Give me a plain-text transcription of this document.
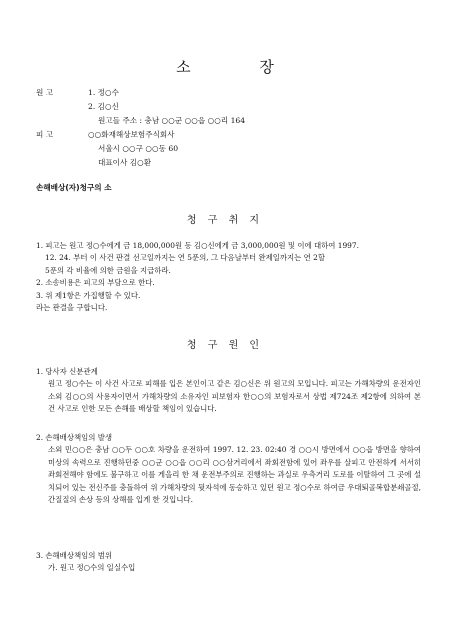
소 장
원 고	1. 정○수
2. 김○신
원고들 주소 : 충남 ○○군 ○○읍 ○○리 164
피 고	○○화재해상보험주식회사
서울시 ○○구 ○○동 60
대표이사 김○환
손해배상(자)청구의 소
청 구 취 지
1. 피고는 원고 정○수에게 금 18,000,000원 동 김○신에게 금 3,000,000원 및 이에 대하여 1997.
12. 24. 부터 이 사건 판결 선고일까지는 연 5푼의, 그 다음날부터 완제일까지는 연 2할
5푼의 각 비율에 의한 금원을 지급하라.
2. 소송비용은 피고의 부담으로 한다.
3. 위 제1항은 가집행할 수 있다.
라는 판결을 구합니다.
청 구 원 인
1. 당사자 신분관계
원고 정○수는 이 사건 사고로 피해를 입은 본인이고 같은 김○신은 위 원고의 모입니다. 피고는 가해차량의 운전자인 소외 김○○의 사용자이면서 가해차량의 소유자인 피보험자 한○○의 보험자로서 상법 제724조 제2항에 의하여 본 건 사고로 인한 모든 손해를 배상할 책임이 있습니다.
2. 손해배상책임의 발생
소외 민○○은 충남 ○○두 ○○호 차량을 운전하여 1997. 12. 23. 02:40 경 ○○시 방면에서 ○○읍 방면을 향하여 미상의 속력으로 진행하던중 ○○군 ○○읍 ○○리 ○○삼거리에서 좌회전함에 있어 좌우를 살피고 안전하게 서서히 좌회전해야 함에도 불구하고 이를 게을리 한 채 운전부주의로 진행하는 과실로 우측거리 도로를 이탈하여 그 곳에 설치되어 있는 전신주를 충돌하여 위 가해차량의 뒷자석에 동승하고 있던 원고 정○수로 하여금 우대퇴골복합분쇄골절, 간질질의 손상 등의 상해를 입게 한 것입니다.
3. 손해배상책임의 범위
가. 원고 정○수의 일실수입
